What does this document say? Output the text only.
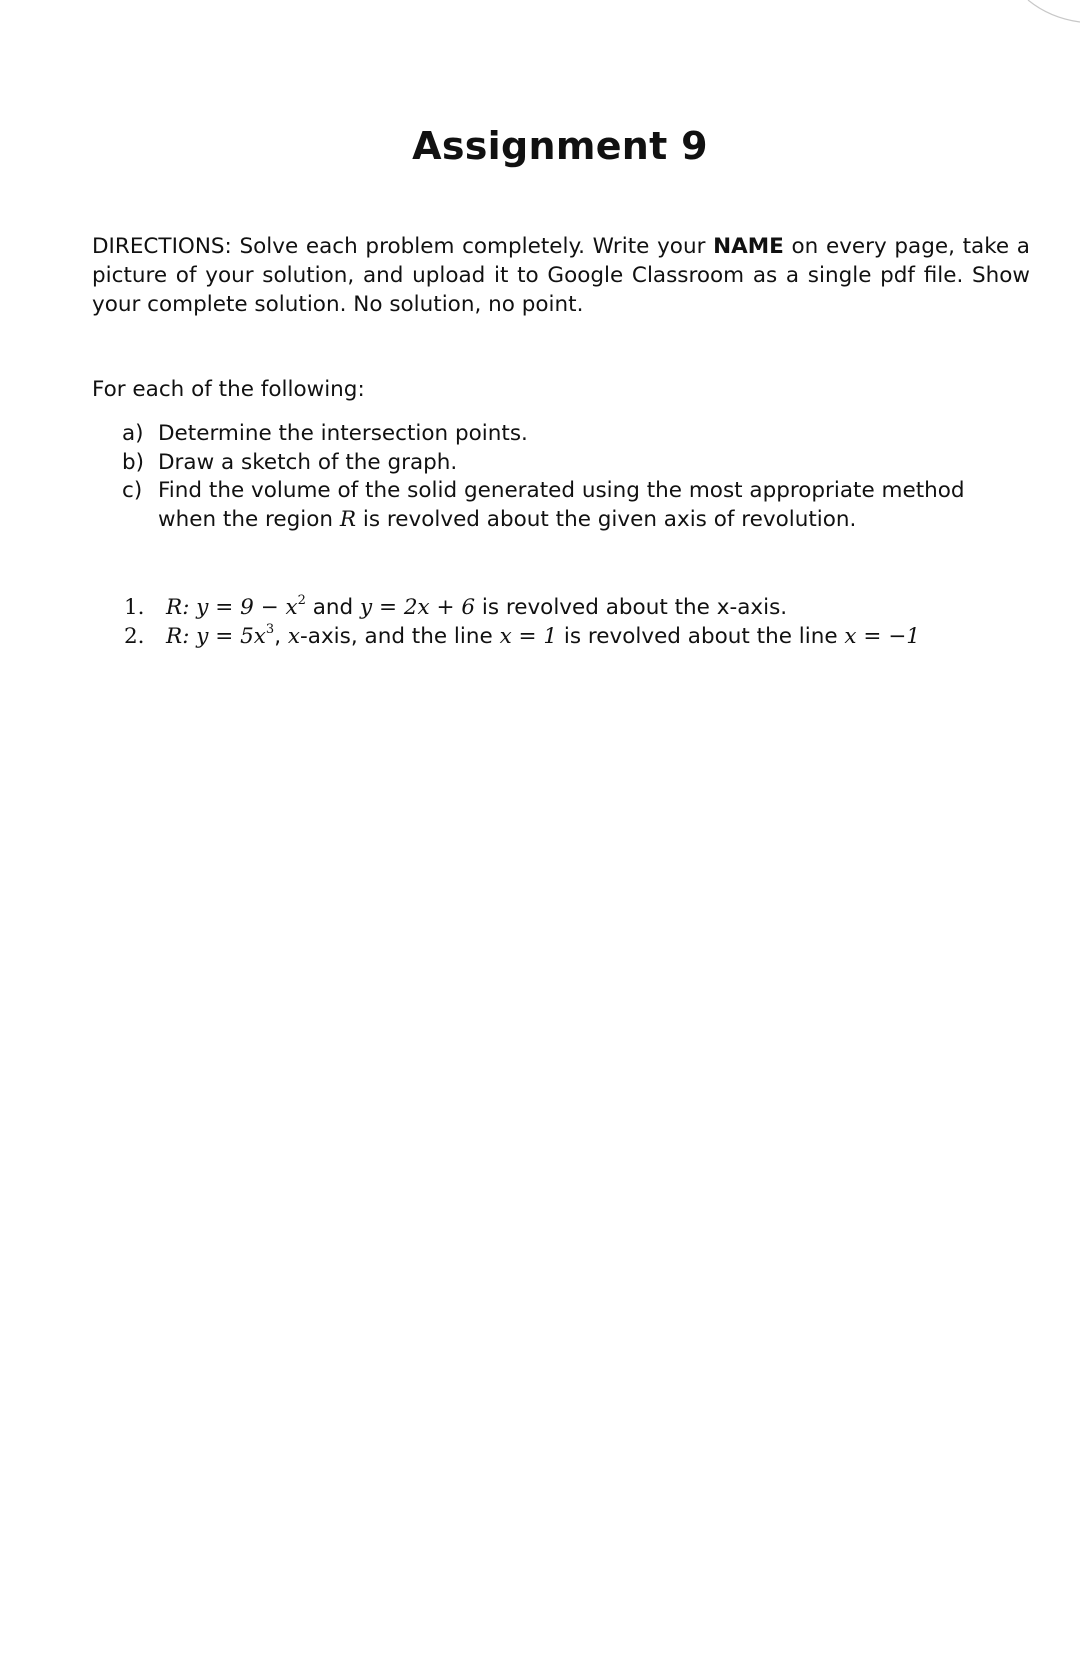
Assignment 9
DIRECTIONS: Solve each problem completely. Write your NAME on every page, take a picture of your solution, and upload it to Google Classroom as a single pdf file. Show your complete solution. No solution, no point.
For each of the following:
a) Determine the intersection points.
b) Draw a sketch of the graph.
c) Find the volume of the solid generated using the most appropriate method when the region R is revolved about the given axis of revolution.
1. R: $y = 9 - x^2$ and y = 2x + 6 is revolved about the x-axis.
2. R: $y = 5x^3$, x-axis, and the line x = 1 is revolved about the line x = −1
